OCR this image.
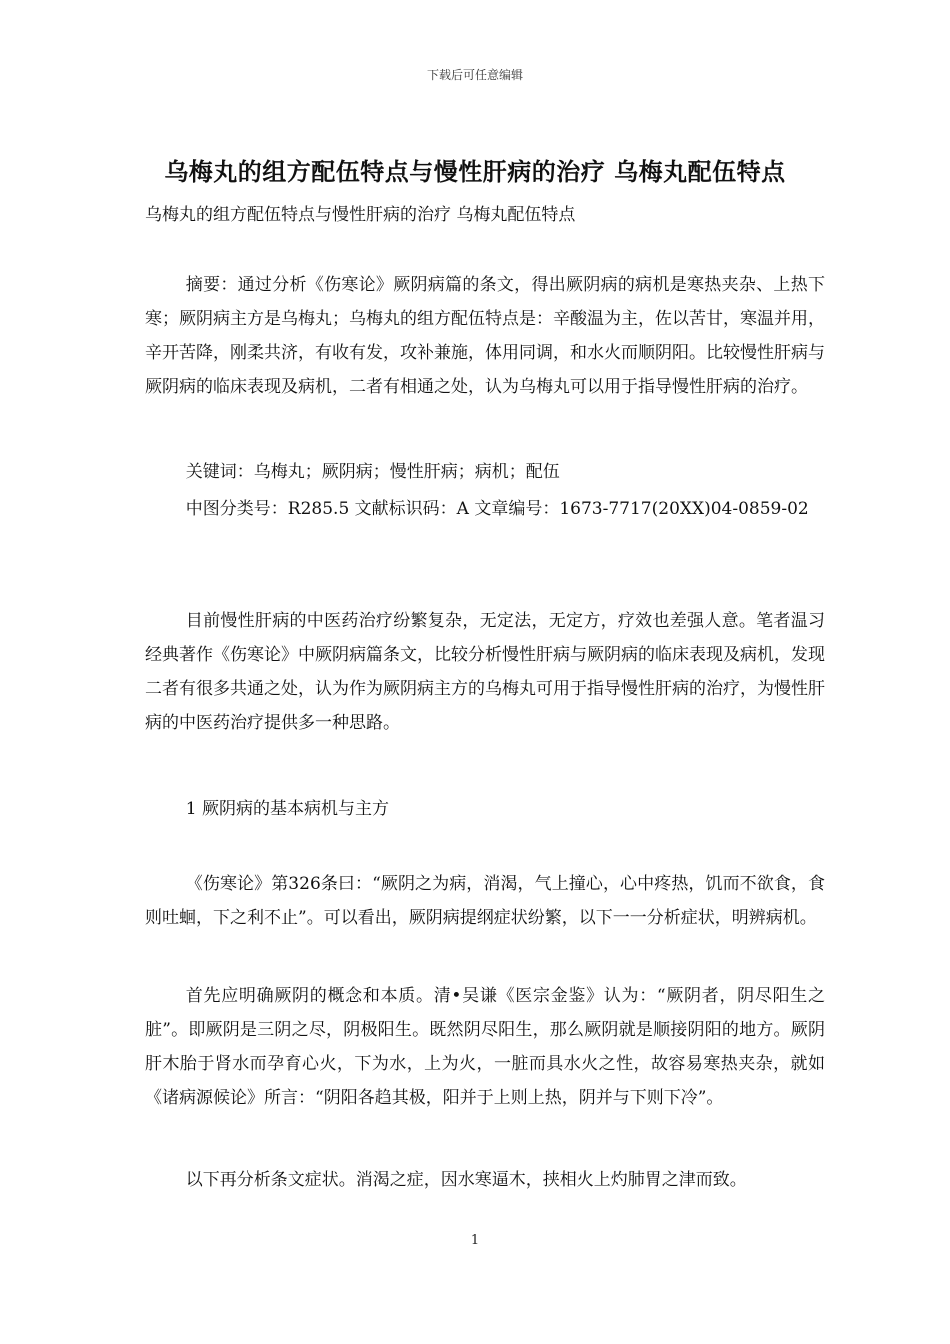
下载后可任意编辑
乌梅丸的组方配伍特点与慢性肝病的治疗 乌梅丸配伍特点
乌梅丸的组方配伍特点与慢性肝病的治疗 乌梅丸配伍特点

摘要：通过分析《伤寒论》厥阴病篇的条文，得出厥阴病的病机是寒热夹杂、上热下寒；厥阴病主方是乌梅丸；乌梅丸的组方配伍特点是：辛酸温为主，佐以苦甘，寒温并用，辛开苦降，刚柔共济，有收有发，攻补兼施，体用同调，和水火而顺阴阳。比较慢性肝病与厥阴病的临床表现及病机，二者有相通之处，认为乌梅丸可以用于指导慢性肝病的治疗。

关键词：乌梅丸；厥阴病；慢性肝病；病机；配伍

中图分类号：R285.5 文献标识码：A 文章编号：1673-7717(20XX)04-0859-02

目前慢性肝病的中医药治疗纷繁复杂，无定法，无定方，疗效也差强人意。笔者温习经典著作《伤寒论》中厥阴病篇条文，比较分析慢性肝病与厥阴病的临床表现及病机，发现二者有很多共通之处，认为作为厥阴病主方的乌梅丸可用于指导慢性肝病的治疗，为慢性肝病的中医药治疗提供多一种思路。

1 厥阴病的基本病机与主方

《伤寒论》第326条曰：“厥阴之为病，消渴，气上撞心，心中疼热，饥而不欲食，食则吐蛔，下之利不止”。可以看出，厥阴病提纲症状纷繁，以下一一分析症状，明辨病机。

首先应明确厥阴的概念和本质。清•吴谦《医宗金鉴》认为：“厥阴者，阴尽阳生之脏”。即厥阴是三阴之尽，阴极阳生。既然阴尽阳生，那么厥阴就是顺接阴阳的地方。厥阴肝木胎于肾水而孕育心火，下为水，上为火，一脏而具水火之性，故容易寒热夹杂，就如《诸病源候论》所言：“阴阳各趋其极，阳并于上则上热，阴并与下则下冷”。

以下再分析条文症状。消渴之症，因水寒逼木，挟相火上灼肺胃之津而致。

1
